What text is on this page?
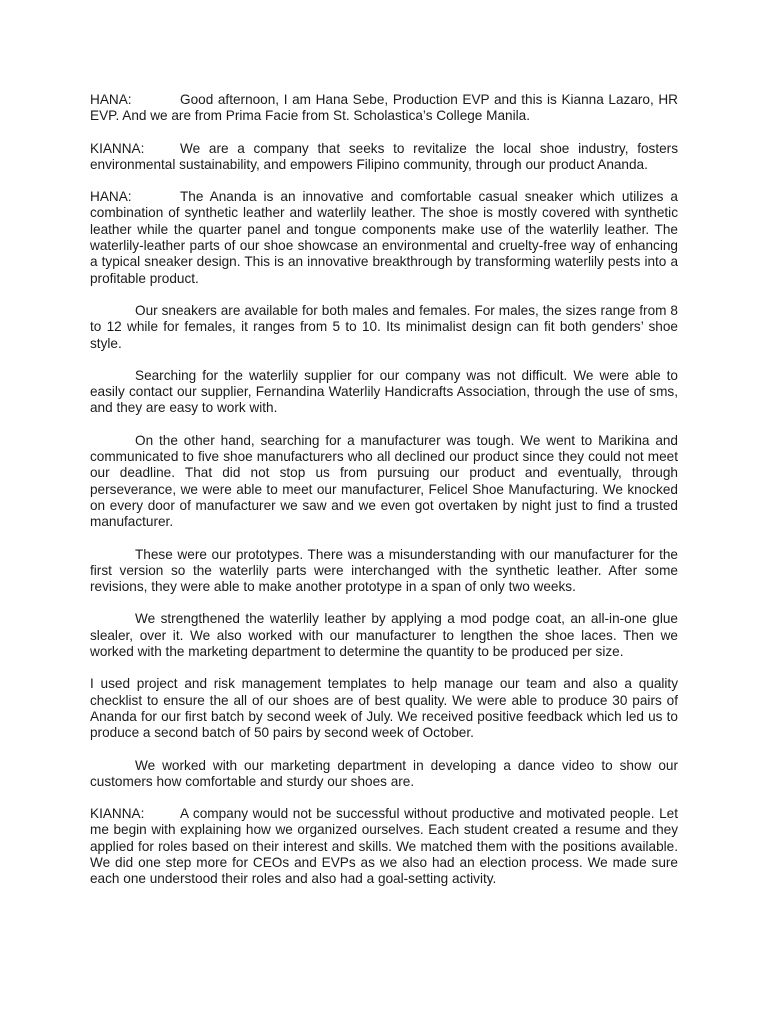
HANA:	Good afternoon, I am Hana Sebe, Production EVP and this is Kianna Lazaro, HR EVP. And we are from Prima Facie from St. Scholastica’s College Manila.

KIANNA:	We are a company that seeks to revitalize the local shoe industry, fosters environmental sustainability, and empowers Filipino community, through our product Ananda.

HANA:	The Ananda is an innovative and comfortable casual sneaker which utilizes a combination of synthetic leather and waterlily leather. The shoe is mostly covered with synthetic leather while the quarter panel and tongue components make use of the waterlily leather. The waterlily-leather parts of our shoe showcase an environmental and cruelty-free way of enhancing a typical sneaker design. This is an innovative breakthrough by transforming waterlily pests into a profitable product.

Our sneakers are available for both males and females. For males, the sizes range from 8 to 12 while for females, it ranges from 5 to 10. Its minimalist design can fit both genders’ shoe style.

Searching for the waterlily supplier for our company was not difficult. We were able to easily contact our supplier, Fernandina Waterlily Handicrafts Association, through the use of sms, and they are easy to work with.

On the other hand, searching for a manufacturer was tough. We went to Marikina and communicated to five shoe manufacturers who all declined our product since they could not meet our deadline. That did not stop us from pursuing our product and eventually, through perseverance, we were able to meet our manufacturer, Felicel Shoe Manufacturing. We knocked on every door of manufacturer we saw and we even got overtaken by night just to find a trusted manufacturer.

These were our prototypes. There was a misunderstanding with our manufacturer for the first version so the waterlily parts were interchanged with the synthetic leather. After some revisions, they were able to make another prototype in a span of only two weeks.

We strengthened the waterlily leather by applying a mod podge coat, an all-in-one glue slealer, over it. We also worked with our manufacturer to lengthen the shoe laces. Then we worked with the marketing department to determine the quantity to be produced per size.

I used project and risk management templates to help manage our team and also a quality checklist to ensure the all of our shoes are of best quality. We were able to produce 30 pairs of Ananda for our first batch by second week of July. We received positive feedback which led us to produce a second batch of 50 pairs by second week of October.

We worked with our marketing department in developing a dance video to show our customers how comfortable and sturdy our shoes are.

KIANNA:	A company would not be successful without productive and motivated people. Let me begin with explaining how we organized ourselves. Each student created a resume and they applied for roles based on their interest and skills. We matched them with the positions available. We did one step more for CEOs and EVPs as we also had an election process. We made sure each one understood their roles and also had a goal-setting activity.
